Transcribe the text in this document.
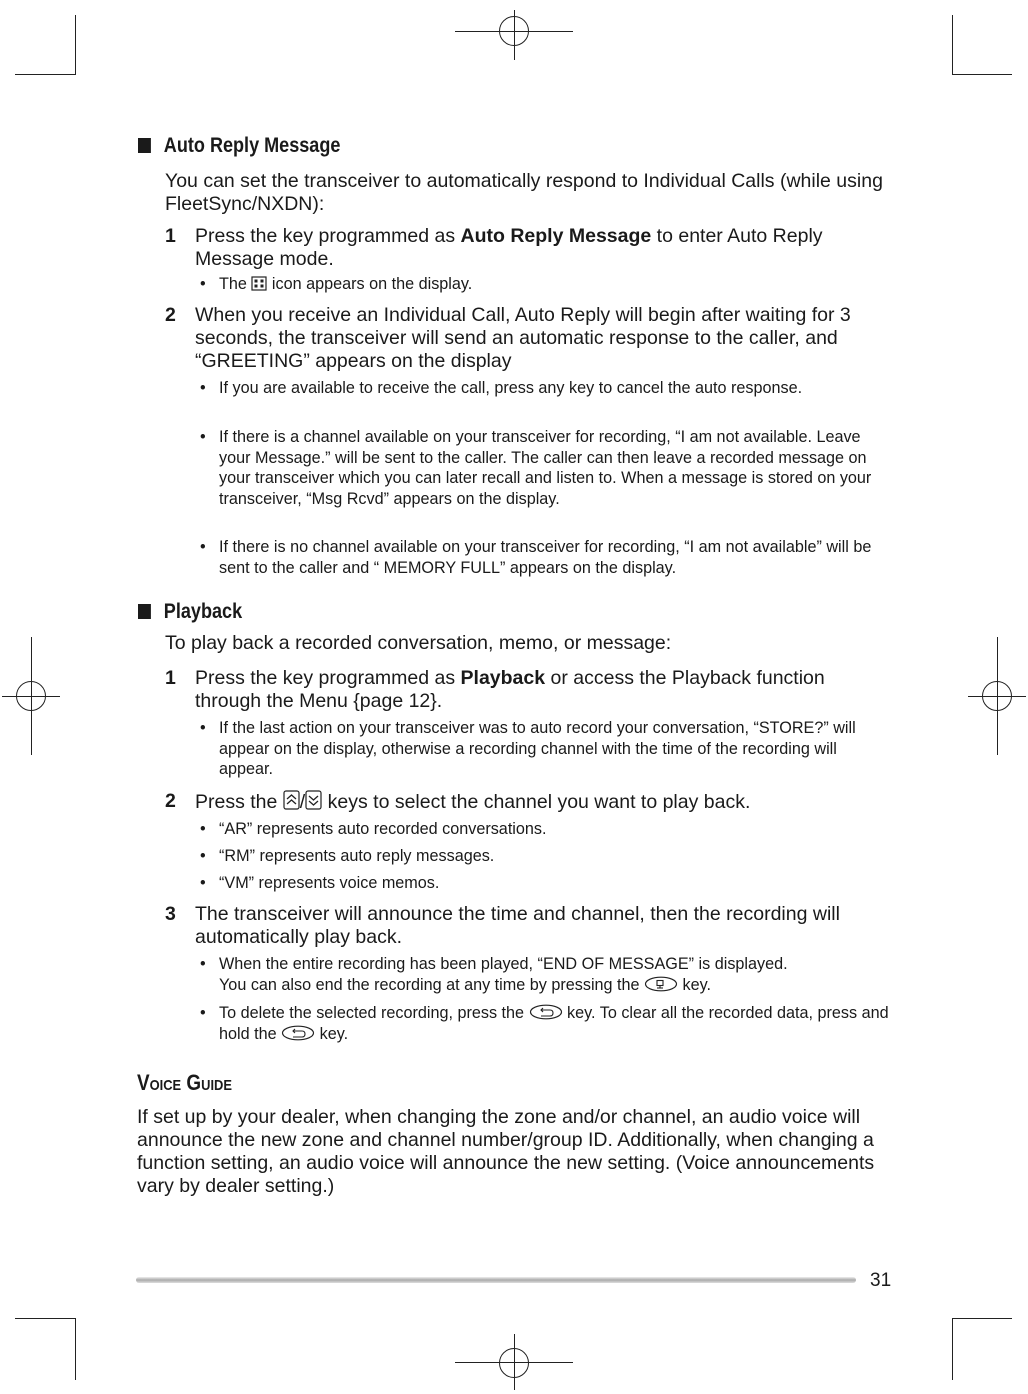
Auto Reply Message
You can set the transceiver to automatically respond to Individual Calls (while using FleetSync/NXDN):
1 Press the key programmed as Auto Reply Message to enter Auto Reply Message mode.
• The  icon appears on the display.
2 When you receive an Individual Call, Auto Reply will begin after waiting for 3 seconds, the transceiver will send an automatic response to the caller, and “GREETING” appears on the display
• If you are available to receive the call, press any key to cancel the auto response.
• If there is a channel available on your transceiver for recording, “I am not available. Leave your Message.” will be sent to the caller. The caller can then leave a recorded message on your transceiver which you can later recall and listen to. When a message is stored on your transceiver, “Msg Rcvd” appears on the display.
• If there is no channel available on your transceiver for recording, “I am not available” will be sent to the caller and “ MEMORY FULL” appears on the display.
Playback
To play back a recorded conversation, memo, or message:
1 Press the key programmed as Playback or access the Playback function through the Menu {page 12}.
• If the last action on your transceiver was to auto record your conversation, “STORE?” will appear on the display, otherwise a recording channel with the time of the recording will appear.
2 Press the / keys to select the channel you want to play back.
• “AR” represents auto recorded conversations.
• “RM” represents auto reply messages.
• “VM” represents voice memos.
3 The transceiver will announce the time and channel, then the recording will automatically play back.
• When the entire recording has been played, “END OF MESSAGE” is displayed.
You can also end the recording at any time by pressing the  key.
• To delete the selected recording, press the  key. To clear all the recorded data, press and hold the  key.
Voice Guide
If set up by your dealer, when changing the zone and/or channel, an audio voice will announce the new zone and channel number/group ID. Additionally, when changing a function setting, an audio voice will announce the new setting. (Voice announcements vary by dealer setting.)
31
